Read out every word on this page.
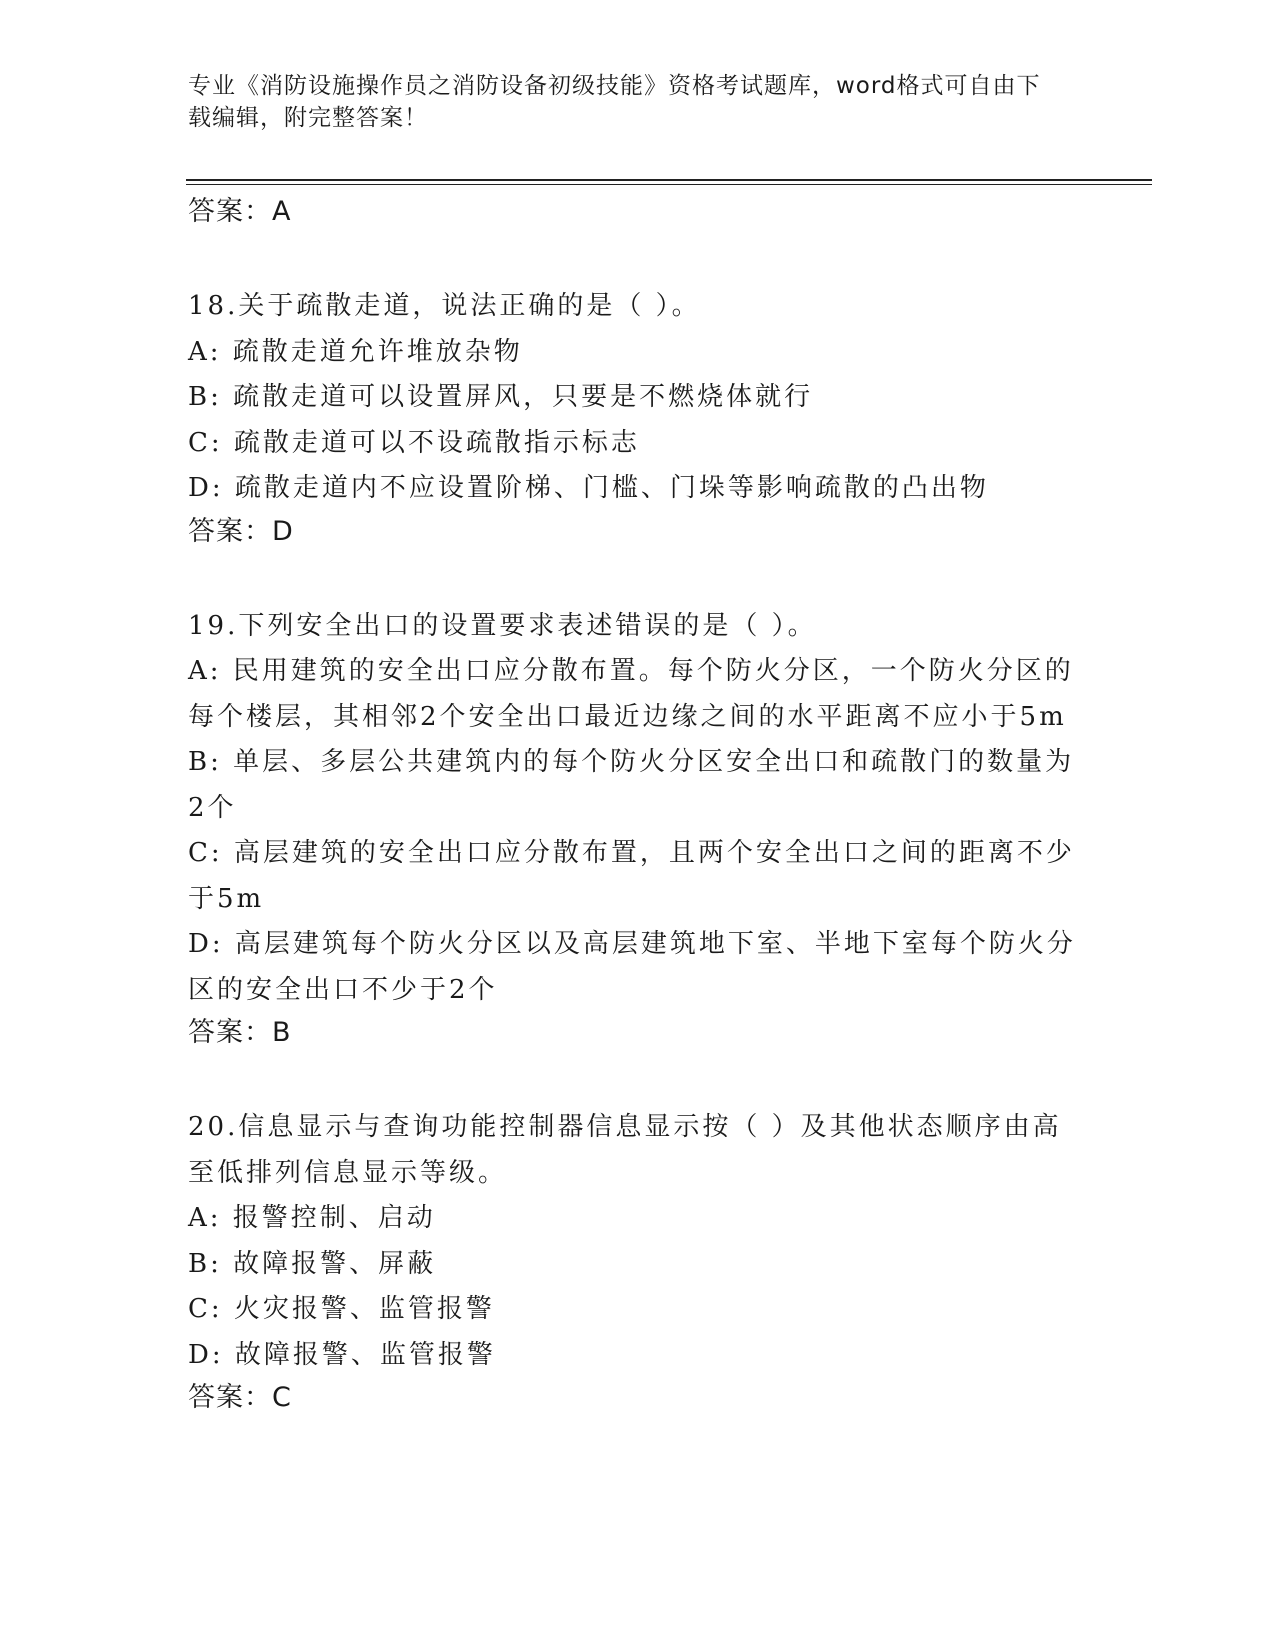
专业《消防设施操作员之消防设备初级技能》资格考试题库，word格式可自由下
载编辑，附完整答案！
答案：A
18.关于疏散走道，说法正确的是（ ）。
A: 疏散走道允许堆放杂物
B: 疏散走道可以设置屏风，只要是不燃烧体就行
C: 疏散走道可以不设疏散指示标志
D: 疏散走道内不应设置阶梯、门槛、门垛等影响疏散的凸出物
答案：D
19.下列安全出口的设置要求表述错误的是（ ）。
A: 民用建筑的安全出口应分散布置。每个防火分区，一个防火分区的
每个楼层，其相邻2个安全出口最近边缘之间的水平距离不应小于5m
B: 单层、多层公共建筑内的每个防火分区安全出口和疏散门的数量为
2个
C: 高层建筑的安全出口应分散布置，且两个安全出口之间的距离不少
于5m
D: 高层建筑每个防火分区以及高层建筑地下室、半地下室每个防火分
区的安全出口不少于2个
答案：B
20.信息显示与查询功能控制器信息显示按（ ）及其他状态顺序由高
至低排列信息显示等级。
A: 报警控制、启动
B: 故障报警、屏蔽
C: 火灾报警、监管报警
D: 故障报警、监管报警
答案：C
